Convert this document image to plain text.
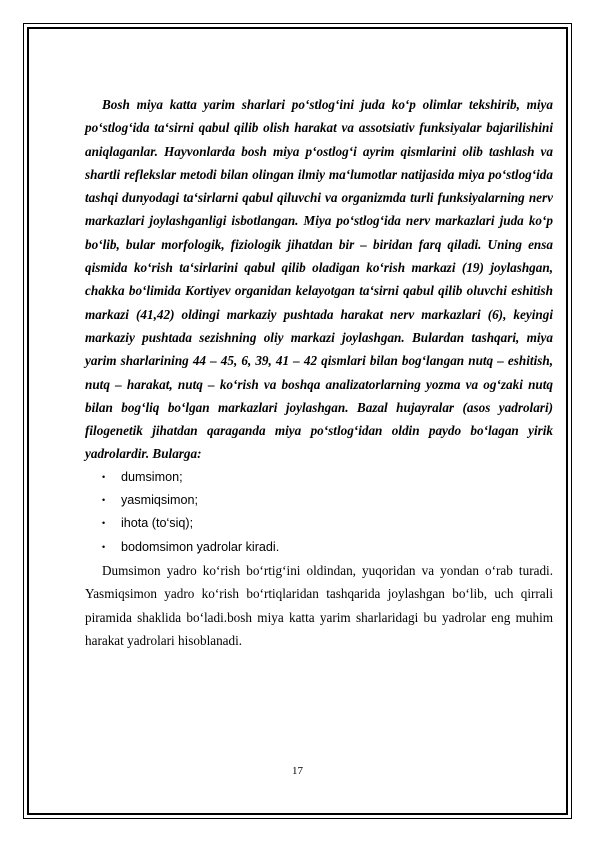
Bosh miya katta yarim sharlari po‘stlog‘ini juda ko‘p olimlar tekshirib, miya po‘stlog‘ida ta‘sirni qabul qilib olish harakat va assotsiativ funksiyalar bajarilishini aniqlaganlar. Hayvonlarda bosh miya p‘ostlog‘i ayrim qismlarini olib tashlash va shartli reflekslar metodi bilan olingan ilmiy ma‘lumotlar natijasida miya po‘stlog‘ida tashqi dunyodagi ta‘sirlarni qabul qiluvchi va organizmda turli funksiyalarning nerv markazlari joylashganligi isbotlangan. Miya po‘stlog‘ida nerv markazlari juda ko‘p bo‘lib, bular morfologik, fiziologik jihatdan bir – biridan farq qiladi. Uning ensa qismida ko‘rish ta‘sirlarini qabul qilib oladigan ko‘rish markazi (19) joylashgan, chakka bo‘limida Kortiyev organidan kelayotgan ta‘sirni qabul qilib oluvchi eshitish markazi (41,42) oldingi markaziy pushtada harakat nerv markazlari (6), keyingi markaziy pushtada sezishning oliy markazi joylashgan. Bulardan tashqari, miya yarim sharlarining 44 – 45, 6, 39, 41 – 42 qismlari bilan bog‘langan nutq – eshitish, nutq – harakat, nutq – ko‘rish va boshqa analizatorlarning yozma va og‘zaki nutq bilan bog‘liq bo‘lgan markazlari joylashgan. Bazal hujayralar (asos yadrolari) filogenetik jihatdan qaraganda miya po‘stlog‘idan oldin paydo bo‘lagan yirik yadrolardir. Bularga:

• dumsimon;
• yasmiqsimon;
• ihota (to‘siq);
• bodomsimon yadrolar kiradi.

Dumsimon yadro ko‘rish bo‘rtig‘ini oldindan, yuqoridan va yondan o‘rab turadi. Yasmiqsimon yadro ko‘rish bo‘rtiqlaridan tashqarida joylashgan bo‘lib, uch qirrali piramida shaklida bo‘ladi.bosh miya katta yarim sharlaridagi bu yadrolar eng muhim harakat yadrolari hisoblanadi.

17
